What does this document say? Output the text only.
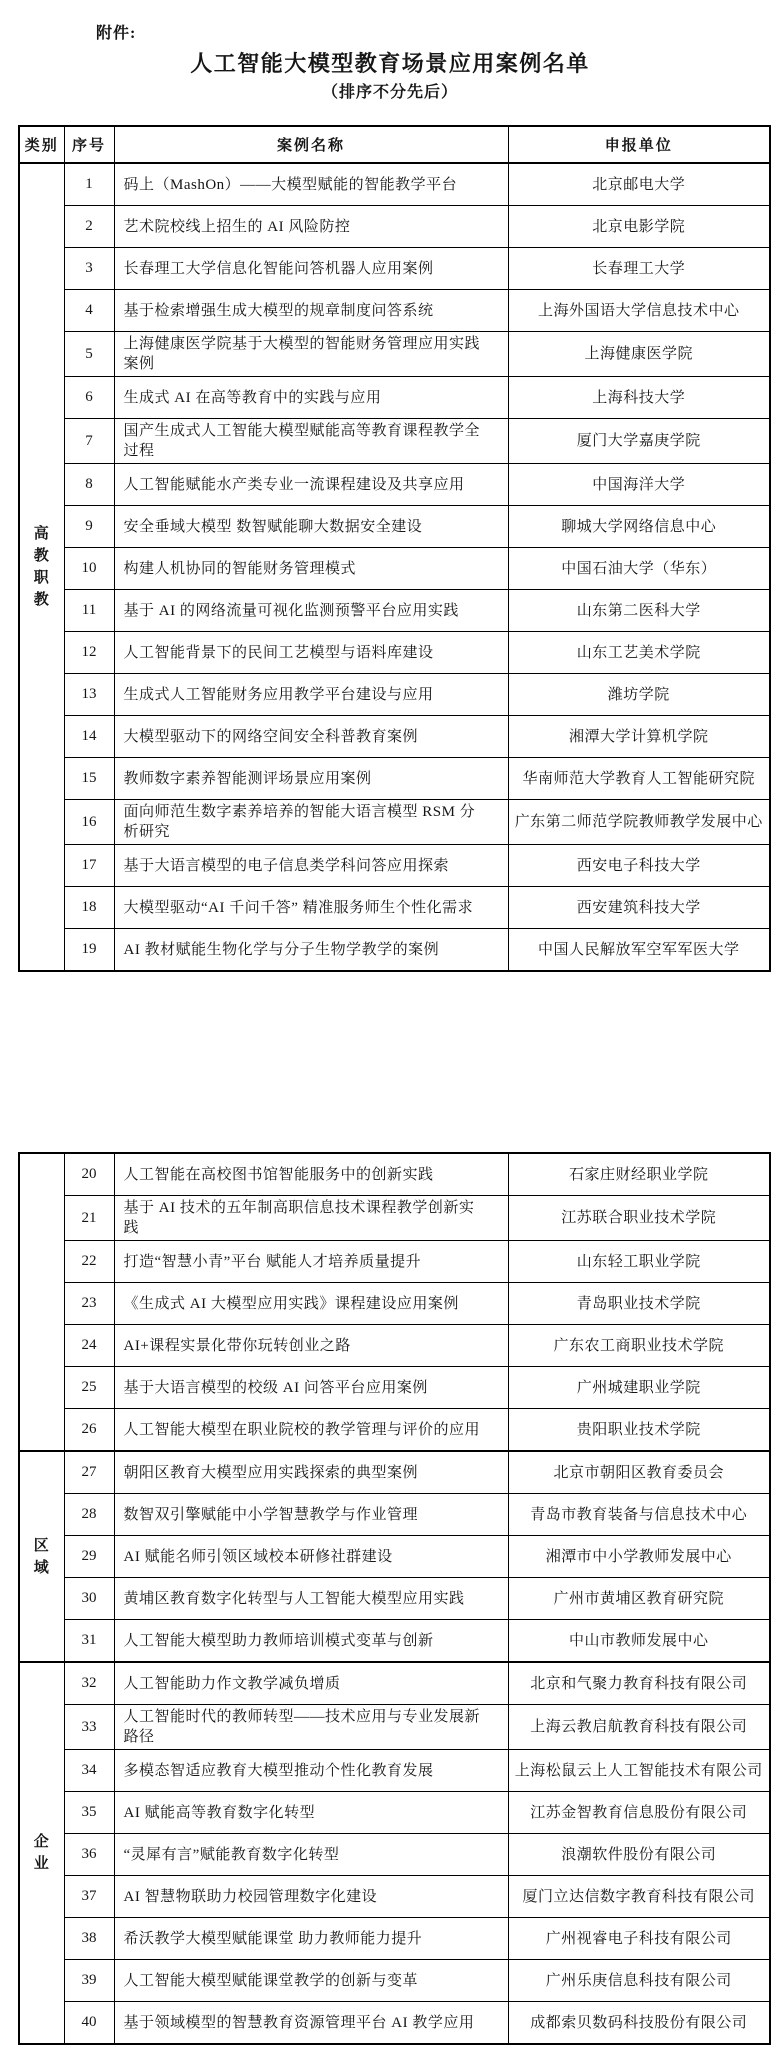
附件:
人工智能大模型教育场景应用案例名单
（排序不分先后）
类别	序号	案例名称	申报单位
高教职教	1	码上（MashOn）——大模型赋能的智能教学平台	北京邮电大学
	2	艺术院校线上招生的 AI 风险防控	北京电影学院
	3	长春理工大学信息化智能问答机器人应用案例	长春理工大学
	4	基于检索增强生成大模型的规章制度问答系统	上海外国语大学信息技术中心
	5	上海健康医学院基于大模型的智能财务管理应用实践案例	上海健康医学院
	6	生成式 AI 在高等教育中的实践与应用	上海科技大学
	7	国产生成式人工智能大模型赋能高等教育课程教学全过程	厦门大学嘉庚学院
	8	人工智能赋能水产类专业一流课程建设及共享应用	中国海洋大学
	9	安全垂域大模型 数智赋能聊大数据安全建设	聊城大学网络信息中心
	10	构建人机协同的智能财务管理模式	中国石油大学（华东）
	11	基于 AI 的网络流量可视化监测预警平台应用实践	山东第二医科大学
	12	人工智能背景下的民间工艺模型与语料库建设	山东工艺美术学院
	13	生成式人工智能财务应用教学平台建设与应用	潍坊学院
	14	大模型驱动下的网络空间安全科普教育案例	湘潭大学计算机学院
	15	教师数字素养智能测评场景应用案例	华南师范大学教育人工智能研究院
	16	面向师范生数字素养培养的智能大语言模型 RSM 分析研究	广东第二师范学院教师教学发展中心
	17	基于大语言模型的电子信息类学科问答应用探索	西安电子科技大学
	18	大模型驱动“AI 千问千答” 精准服务师生个性化需求	西安建筑科技大学
	19	AI 教材赋能生物化学与分子生物学教学的案例	中国人民解放军空军军医大学
	20	人工智能在高校图书馆智能服务中的创新实践	石家庄财经职业学院
	21	基于 AI 技术的五年制高职信息技术课程教学创新实践	江苏联合职业技术学院
	22	打造“智慧小青”平台 赋能人才培养质量提升	山东轻工职业学院
	23	《生成式 AI 大模型应用实践》课程建设应用案例	青岛职业技术学院
	24	AI+课程实景化带你玩转创业之路	广东农工商职业技术学院
	25	基于大语言模型的校级 AI 问答平台应用案例	广州城建职业学院
	26	人工智能大模型在职业院校的教学管理与评价的应用	贵阳职业技术学院
区域	27	朝阳区教育大模型应用实践探索的典型案例	北京市朝阳区教育委员会
	28	数智双引擎赋能中小学智慧教学与作业管理	青岛市教育装备与信息技术中心
	29	AI 赋能名师引领区域校本研修社群建设	湘潭市中小学教师发展中心
	30	黄埔区教育数字化转型与人工智能大模型应用实践	广州市黄埔区教育研究院
	31	人工智能大模型助力教师培训模式变革与创新	中山市教师发展中心
企业	32	人工智能助力作文教学减负增质	北京和气聚力教育科技有限公司
	33	人工智能时代的教师转型——技术应用与专业发展新路径	上海云教启航教育科技有限公司
	34	多模态智适应教育大模型推动个性化教育发展	上海松鼠云上人工智能技术有限公司
	35	AI 赋能高等教育数字化转型	江苏金智教育信息股份有限公司
	36	“灵犀有言”赋能教育数字化转型	浪潮软件股份有限公司
	37	AI 智慧物联助力校园管理数字化建设	厦门立达信数字教育科技有限公司
	38	希沃教学大模型赋能课堂 助力教师能力提升	广州视睿电子科技有限公司
	39	人工智能大模型赋能课堂教学的创新与变革	广州乐庚信息科技有限公司
	40	基于领域模型的智慧教育资源管理平台 AI 教学应用	成都索贝数码科技股份有限公司
